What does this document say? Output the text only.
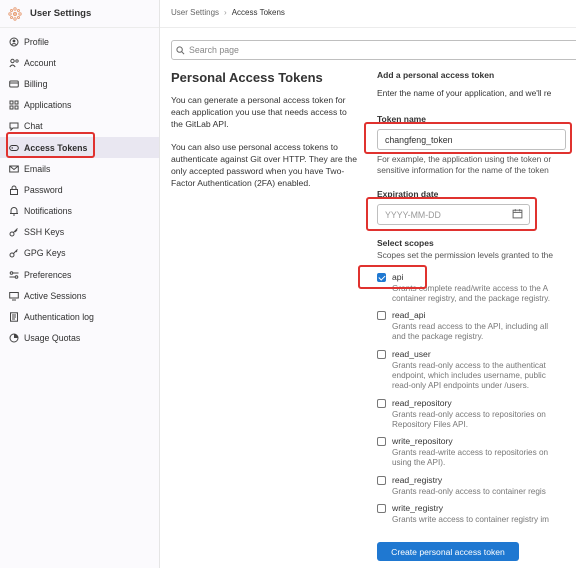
User Settings
Profile
Account
Billing
Applications
Chat
Access Tokens
Emails
Password
Notifications
SSH Keys
GPG Keys
Preferences
Active Sessions
Authentication log
Usage Quotas
User Settings › Access Tokens
Search page
Personal Access Tokens

You can generate a personal access token for each application you use that needs access to the GitLab API.

You can also use personal access tokens to authenticate against Git over HTTP. They are the only accepted password when you have Two-Factor Authentication (2FA) enabled.

Add a personal access token
Enter the name of your application, and we'll re
Token name
changfeng_token
For example, the application using the token or
sensitive information for the name of the token
Expiration date
YYYY-MM-DD
Select scopes
Scopes set the permission levels granted to the
api
Grants complete read/write access to the A
container registry, and the package registry.
read_api
Grants read access to the API, including all
and the package registry.
read_user
Grants read-only access to the authenticat
endpoint, which includes username, public
read-only API endpoints under /users.
read_repository
Grants read-only access to repositories on
Repository Files API.
write_repository
Grants read-write access to repositories on
using the API).
read_registry
Grants read-only access to container regis
write_registry
Grants write access to container registry im
Create personal access token
